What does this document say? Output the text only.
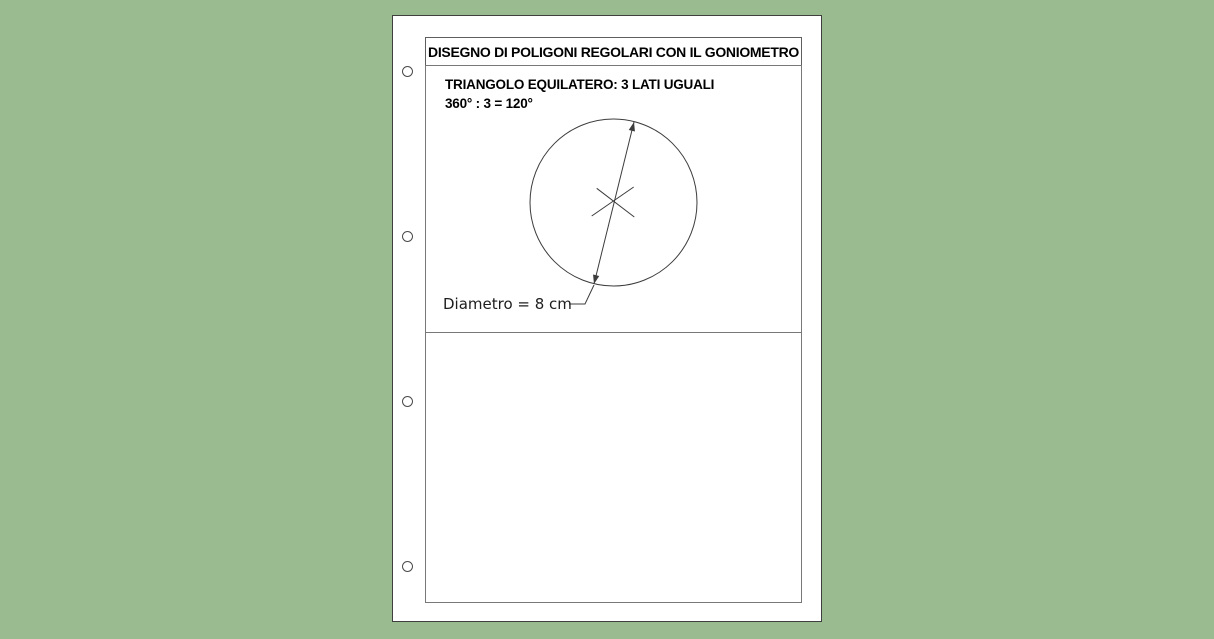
DISEGNO DI POLIGONI REGOLARI CON IL GONIOMETRO
TRIANGOLO EQUILATERO: 3 LATI UGUALI
360° : 3 = 120°
Diametro = 8 cm
